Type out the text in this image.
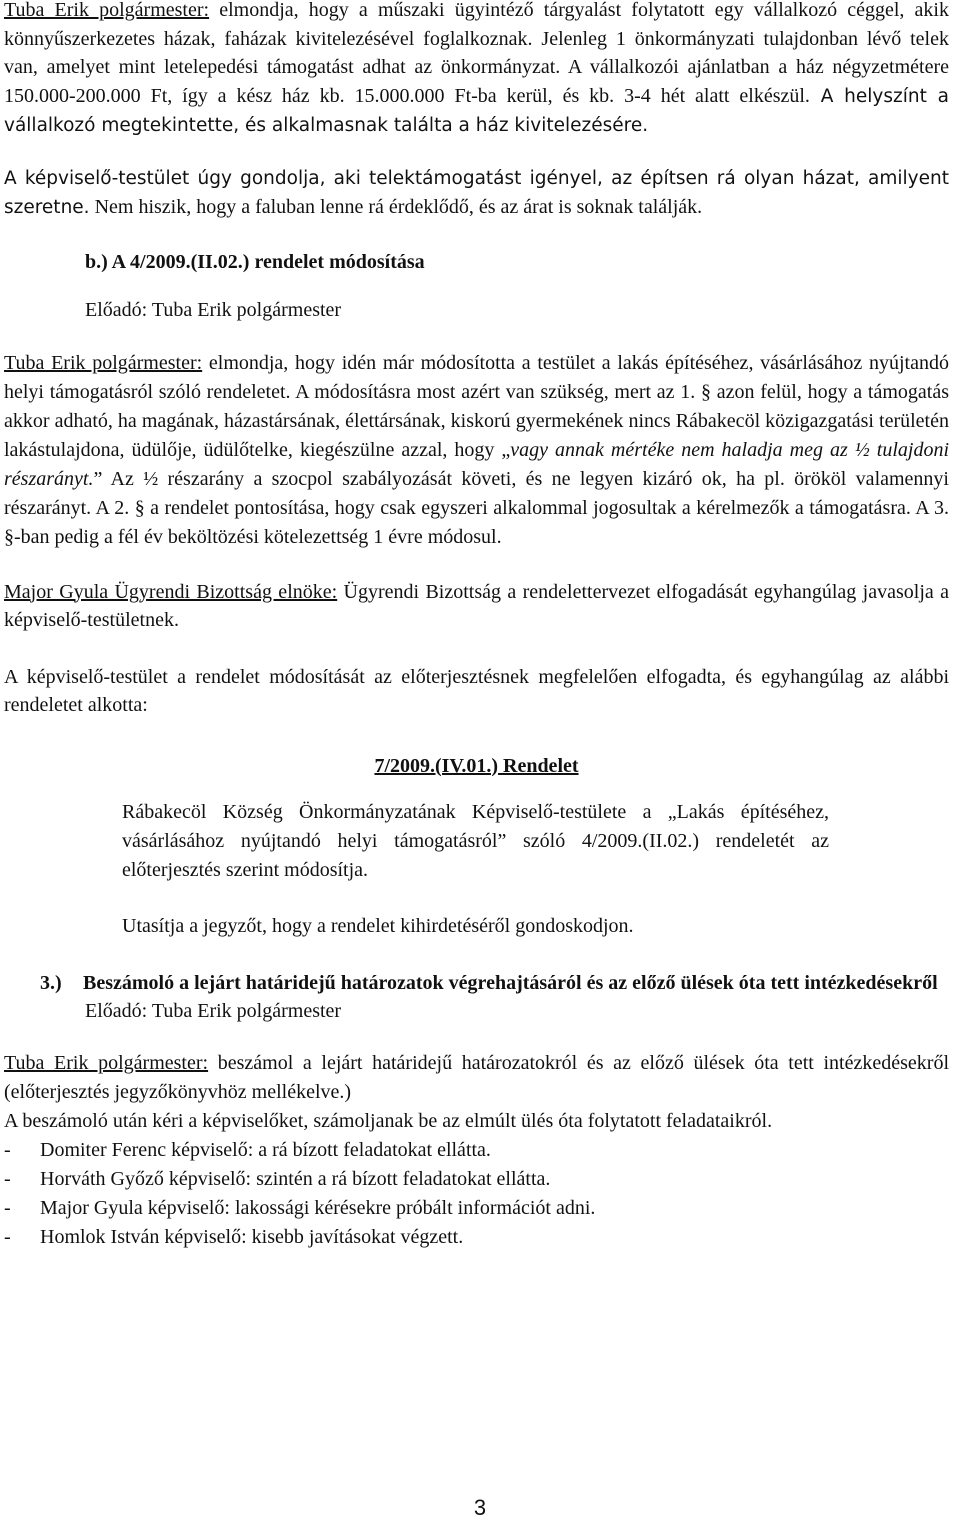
Tuba Erik polgármester: elmondja, hogy a műszaki ügyintéző tárgyalást folytatott egy vállalkozó céggel, akik könnyűszerkezetes házak, faházak kivitelezésével foglalkoznak. Jelenleg 1 önkormányzati tulajdonban lévő telek van, amelyet mint letelepedési támogatást adhat az önkormányzat. A vállalkozói ajánlatban a ház négyzetmétere 150.000-200.000 Ft, így a kész ház kb. 15.000.000 Ft-ba kerül, és kb. 3-4 hét alatt elkészül. A helyszínt a vállalkozó megtekintette, és alkalmasnak találta a ház kivitelezésére.

A képviselő-testület úgy gondolja, aki telektámogatást igényel, az építsen rá olyan házat, amilyent szeretne. Nem hiszik, hogy a faluban lenne rá érdeklődő, és az árat is soknak találják.

b.) A 4/2009.(II.02.) rendelet módosítása

Előadó: Tuba Erik polgármester

Tuba Erik polgármester: elmondja, hogy idén már módosította a testület a lakás építéséhez, vásárlásához nyújtandó helyi támogatásról szóló rendeletet. A módosításra most azért van szükség, mert az 1. § azon felül, hogy a támogatás akkor adható, ha magának, házastársának, élettársának, kiskorú gyermekének nincs Rábakecöl közigazgatási területén lakástulajdona, üdülője, üdülőtelke, kiegészülne azzal, hogy „vagy annak mértéke nem haladja meg az ½ tulajdoni részarányt.” Az ½ részarány a szocpol szabályozását követi, és ne legyen kizáró ok, ha pl. örököl valamennyi részarányt. A 2. § a rendelet pontosítása, hogy csak egyszeri alkalommal jogosultak a kérelmezők a támogatásra. A 3. §-ban pedig a fél év beköltözési kötelezettség 1 évre módosul.

Major Gyula Ügyrendi Bizottság elnöke: Ügyrendi Bizottság a rendelettervezet elfogadását egyhangúlag javasolja a képviselő-testületnek.

A képviselő-testület a rendelet módosítását az előterjesztésnek megfelelően elfogadta, és egyhangúlag az alábbi rendeletet alkotta:

7/2009.(IV.01.) Rendelet

Rábakecöl Község Önkormányzatának Képviselő-testülete a „Lakás építéséhez, vásárlásához nyújtandó helyi támogatásról” szóló 4/2009.(II.02.) rendeletét az előterjesztés szerint módosítja.

Utasítja a jegyzőt, hogy a rendelet kihirdetéséről gondoskodjon.

3.)	Beszámoló a lejárt határidejű határozatok végrehajtásáról és az előző ülések óta tett intézkedésekről

Előadó: Tuba Erik polgármester

Tuba Erik polgármester: beszámol a lejárt határidejű határozatokról és az előző ülések óta tett intézkedésekről (előterjesztés jegyzőkönyvhöz mellékelve.)

A beszámoló után kéri a képviselőket, számoljanak be az elmúlt ülés óta folytatott feladataikról.

- Domiter Ferenc képviselő: a rá bízott feladatokat ellátta.
- Horváth Győző képviselő: szintén a rá bízott feladatokat ellátta.
- Major Gyula képviselő: lakossági kérésekre próbált információt adni.
- Homlok István képviselő: kisebb javításokat végzett.
3
